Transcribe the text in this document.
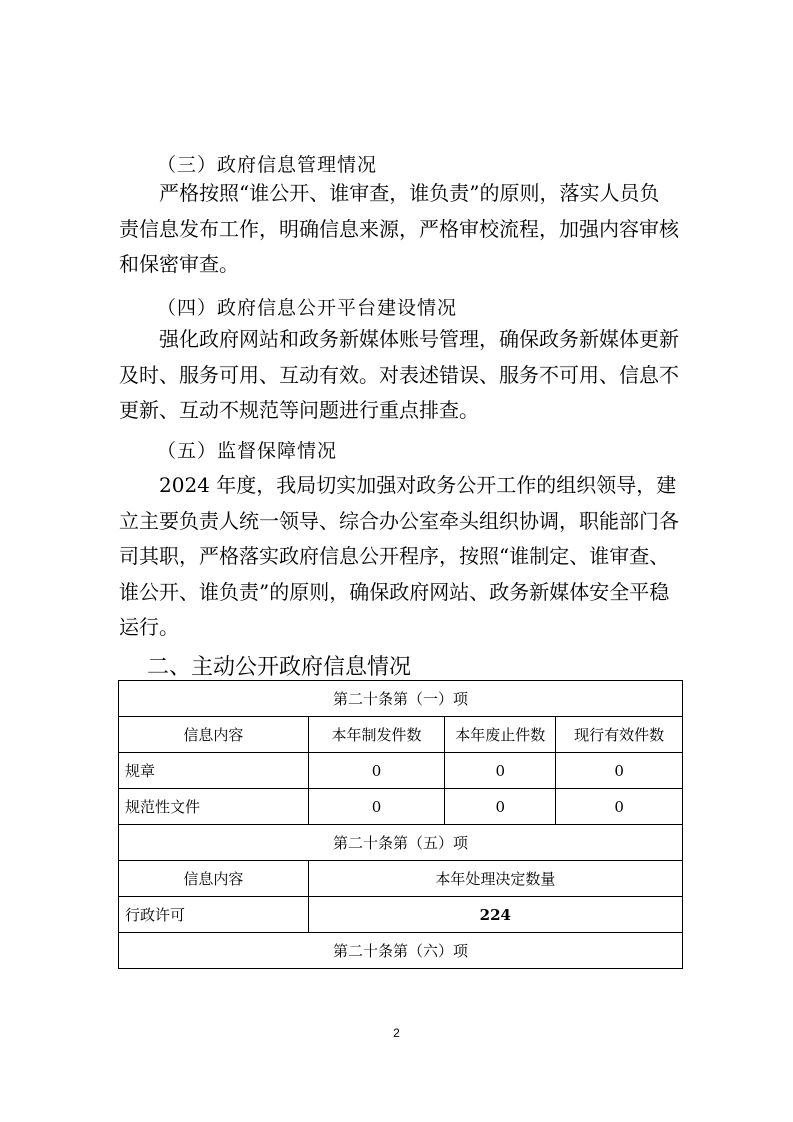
（三）政府信息管理情况
严格按照“谁公开、谁审查，谁负责”的原则，落实人员负
责信息发布工作，明确信息来源，严格审校流程，加强内容审核
和保密审查。
（四）政府信息公开平台建设情况
强化政府网站和政务新媒体账号管理，确保政务新媒体更新
及时、服务可用、互动有效。对表述错误、服务不可用、信息不
更新、互动不规范等问题进行重点排查。
（五）监督保障情况
2024 年度，我局切实加强对政务公开工作的组织领导，建
立主要负责人统一领导、综合办公室牵头组织协调，职能部门各
司其职，严格落实政府信息公开程序，按照“谁制定、谁审查、
谁公开、谁负责”的原则，确保政府网站、政务新媒体安全平稳
运行。
二、主动公开政府信息情况
第二十条第（一）项			
信息内容	本年制发件数	本年废止件数	现行有效件数
规章	0	0	0
规范性文件	0	0	0
第二十条第（五）项			
信息内容	本年处理决定数量		
行政许可	224		
第二十条第（六）项			
2
